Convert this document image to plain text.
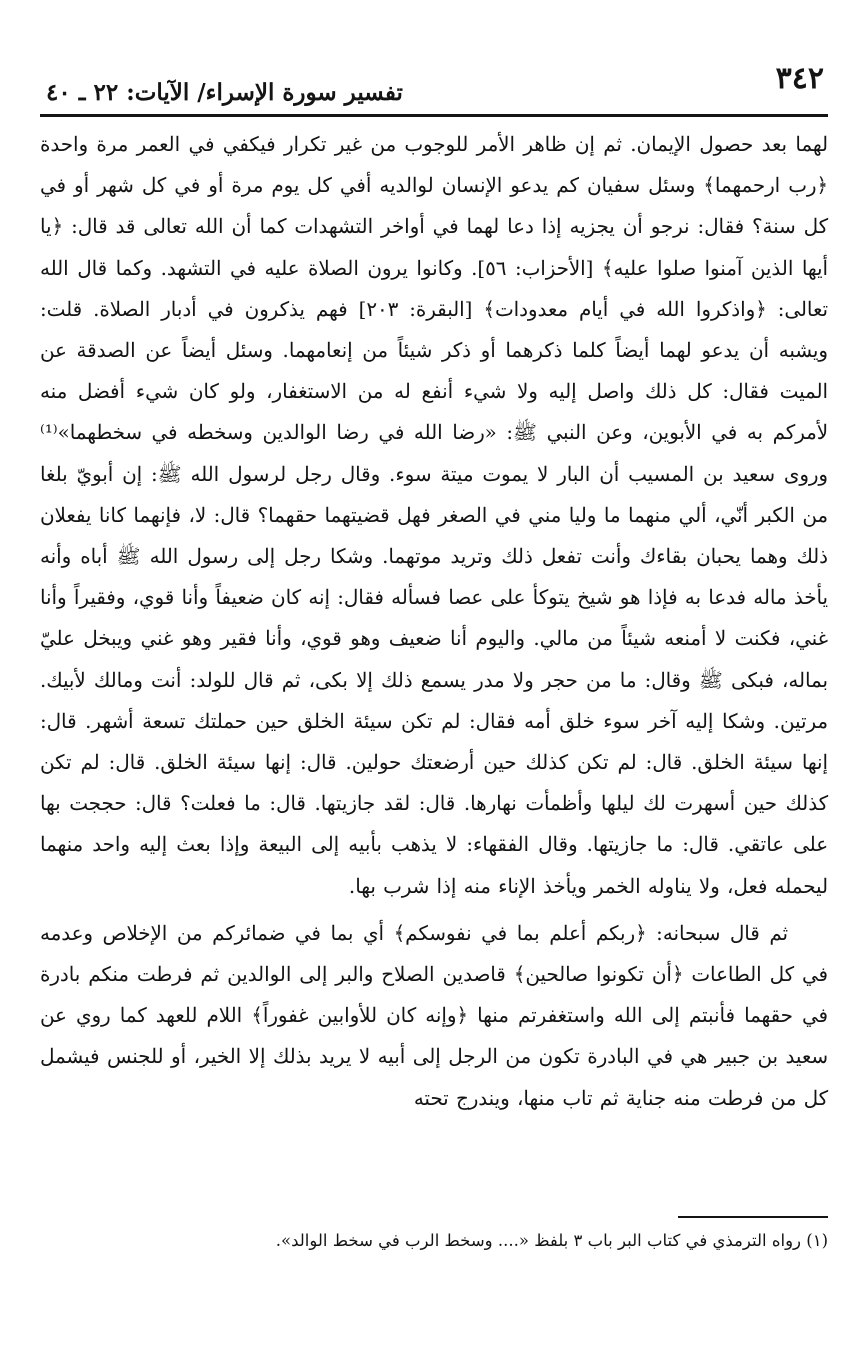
٣٤٢
تفسير سورة الإسراء/ الآيات: ٢٢ ـ ٤٠

لهما بعد حصول الإيمان. ثم إن ظاهر الأمر للوجوب من غير تكرار فيكفي في العمر مرة واحدة ﴿رب ارحمهما﴾ وسئل سفيان كم يدعو الإنسان لوالديه أفي كل يوم مرة أو في كل شهر أو في كل سنة؟ فقال: نرجو أن يجزيه إذا دعا لهما في أواخر التشهدات كما أن الله تعالى قد قال: ﴿يا أيها الذين آمنوا صلوا عليه﴾ [الأحزاب: ٥٦]. وكانوا يرون الصلاة عليه في التشهد. وكما قال الله تعالى: ﴿واذكروا الله في أيام معدودات﴾ [البقرة: ٢٠٣] فهم يذكرون في أدبار الصلاة. قلت: ويشبه أن يدعو لهما أيضاً كلما ذكرهما أو ذكر شيئاً من إنعامهما. وسئل أيضاً عن الصدقة عن الميت فقال: كل ذلك واصل إليه ولا شيء أنفع له من الاستغفار، ولو كان شيء أفضل منه لأمركم به في الأبوين، وعن النبي ﷺ: «رضا الله في رضا الوالدين وسخطه في سخطهما»⁽¹⁾ وروى سعيد بن المسيب أن البار لا يموت ميتة سوء. وقال رجل لرسول الله ﷺ: إن أبويّ بلغا من الكبر أنّي، ألي منهما ما وليا مني في الصغر فهل قضيتهما حقهما؟ قال: لا، فإنهما كانا يفعلان ذلك وهما يحبان بقاءك وأنت تفعل ذلك وتريد موتهما. وشكا رجل إلى رسول الله ﷺ أباه وأنه يأخذ ماله فدعا به فإذا هو شيخ يتوكأ على عصا فسأله فقال: إنه كان ضعيفاً وأنا قوي، وفقيراً وأنا غني، فكنت لا أمنعه شيئاً من مالي. واليوم أنا ضعيف وهو قوي، وأنا فقير وهو غني ويبخل عليّ بماله، فبكى ﷺ وقال: ما من حجر ولا مدر يسمع ذلك إلا بكى، ثم قال للولد: أنت ومالك لأبيك. مرتين. وشكا إليه آخر سوء خلق أمه فقال: لم تكن سيئة الخلق حين حملتك تسعة أشهر. قال: إنها سيئة الخلق. قال: لم تكن كذلك حين أرضعتك حولين. قال: إنها سيئة الخلق. قال: لم تكن كذلك حين أسهرت لك ليلها وأظمأت نهارها. قال: لقد جازيتها. قال: ما فعلت؟ قال: حججت بها على عاتقي. قال: ما جازيتها. وقال الفقهاء: لا يذهب بأبيه إلى البيعة وإذا بعث إليه واحد منهما ليحمله فعل، ولا يناوله الخمر ويأخذ الإناء منه إذا شرب بها.

ثم قال سبحانه: ﴿ربكم أعلم بما في نفوسكم﴾ أي بما في ضمائركم من الإخلاص وعدمه في كل الطاعات ﴿أن تكونوا صالحين﴾ قاصدين الصلاح والبر إلى الوالدين ثم فرطت منكم بادرة في حقهما فأنبتم إلى الله واستغفرتم منها ﴿وإنه كان للأوابين غفوراً﴾ اللام للعهد كما روي عن سعيد بن جبير هي في البادرة تكون من الرجل إلى أبيه لا يريد بذلك إلا الخير، أو للجنس فيشمل كل من فرطت منه جناية ثم تاب منها، ويندرج تحته

(١) رواه الترمذي في كتاب البر باب ٣ بلفظ «.... وسخط الرب في سخط الوالد».
